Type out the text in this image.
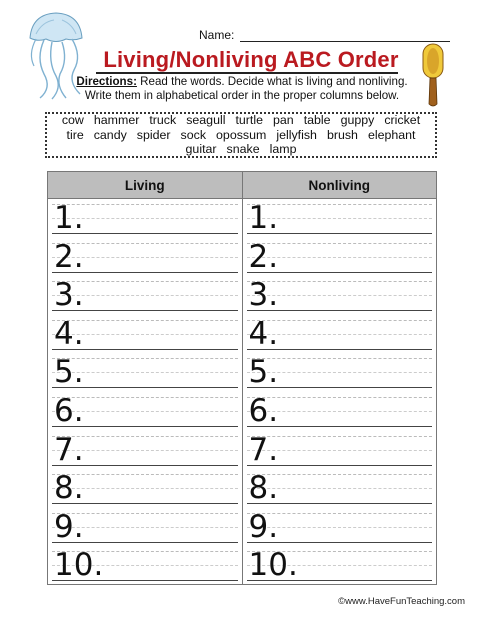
Name:
Living/Nonliving ABC Order
Directions: Read the words. Decide what is living and nonliving. Write them in alphabetical order in the proper columns below.
cow hammer truck seagull turtle pan table guppy cricket
tire candy spider sock opossum jellyfish brush elephant
guitar snake lamp
Living
1.
2.
3.
4.
5.
6.
7.
8.
9.
10.
Nonliving
1.
2.
3.
4.
5.
6.
7.
8.
9.
10.
©www.HaveFunTeaching.com
